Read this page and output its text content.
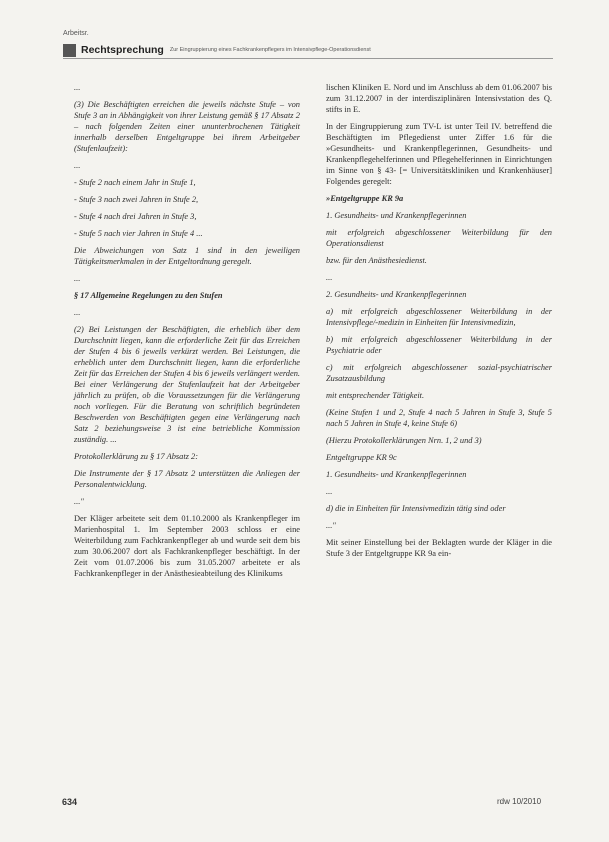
Arbeitsr.
Rechtsprechung Zur Eingruppierung eines Fachkrankenpflegers im Intensivpflege-Operationsdienst

...

(3) Die Beschäftigten erreichen die jeweils nächste Stufe – von Stufe 3 an in Abhängigkeit von ihrer Leistung gemäß § 17 Absatz 2 – nach folgenden Zeiten einer ununterbrochenen Tätigkeit innerhalb derselben Entgeltgruppe bei ihrem Arbeitgeber (Stufenlaufzeit):

...

- Stufe 2 nach einem Jahr in Stufe 1,

- Stufe 3 nach zwei Jahren in Stufe 2,

- Stufe 4 nach drei Jahren in Stufe 3,

- Stufe 5 nach vier Jahren in Stufe 4 ...

Die Abweichungen von Satz 1 sind in den jeweiligen Tätigkeitsmerkmalen in der Entgeltordnung geregelt.

...

§ 17 Allgemeine Regelungen zu den Stufen

...

(2) Bei Leistungen der Beschäftigten, die erheblich über dem Durchschnitt liegen, kann die erforderliche Zeit für das Erreichen der Stufen 4 bis 6 jeweils verkürzt werden. Bei Leistungen, die erheblich unter dem Durchschnitt liegen, kann die erforderliche Zeit für das Erreichen der Stufen 4 bis 6 jeweils verlängert werden. Bei einer Verlängerung der Stufenlaufzeit hat der Arbeitgeber jährlich zu prüfen, ob die Voraussetzungen für die Verlängerung noch vorliegen. Für die Beratung von schriftlich begründeten Beschwerden von Beschäftigten gegen eine Verlängerung nach Satz 2 beziehungsweise 3 ist eine betriebliche Kommission zuständig. ...

Protokollerklärung zu § 17 Absatz 2:

Die Instrumente der § 17 Absatz 2 unterstützen die Anliegen der Personalentwicklung.

..."

Der Kläger arbeitete seit dem 01.10.2000 als Krankenpfleger im Marienhospital 1. Im September 2003 schloss er eine Weiterbildung zum Fachkrankenpfleger ab und wurde seit dem bis zum 30.06.2007 dort als Fachkrankenpfleger beschäftigt. In der Zeit vom 01.07.2006 bis zum 31.05.2007 arbeitete er als Fachkrankenpfleger in der Anästhesieabteilung des Klinikums

lischen Kliniken E. Nord und im Anschluss ab dem 01.06.2007 bis zum 31.12.2007 in der interdisziplinären Intensivstation des Q. stifts in E.

In der Eingruppierung zum TV-L ist unter Teil IV. betreffend die Beschäftigten im Pflegedienst unter Ziffer 1.6 für die »Gesundheits- und Krankenpflegerinnen, Gesundheits- und Krankenpflegehelferinnen und Pflegehelferinnen in Einrichtungen im Sinne von § 43- [= Universitätskliniken und Krankenhäuser] Folgendes geregelt:

»Entgeltgruppe KR 9a

1. Gesundheits- und Krankenpflegerinnen

mit erfolgreich abgeschlossener Weiterbildung für den Operationsdienst

bzw. für den Anästhesiedienst.

...

2. Gesundheits- und Krankenpflegerinnen

a) mit erfolgreich abgeschlossener Weiterbildung in der Intensivpflege/-medizin in Einheiten für Intensivmedizin,

b) mit erfolgreich abgeschlossener Weiterbildung in der Psychiatrie oder

c) mit erfolgreich abgeschlossener sozial-psychiatrischer Zusatzausbildung

mit entsprechender Tätigkeit.

(Keine Stufen 1 und 2, Stufe 4 nach 5 Jahren in Stufe 3, Stufe 5 nach 5 Jahren in Stufe 4, keine Stufe 6)

(Hierzu Protokollerklärungen Nrn. 1, 2 und 3)

Entgeltgruppe KR 9c

1. Gesundheits- und Krankenpflegerinnen

...

d) die in Einheiten für Intensivmedizin tätig sind oder

..."

Mit seiner Einstellung bei der Beklagten wurde der Kläger in die Stufe 3 der Entgeltgruppe KR 9a ein-

634	rdw 10/2010
